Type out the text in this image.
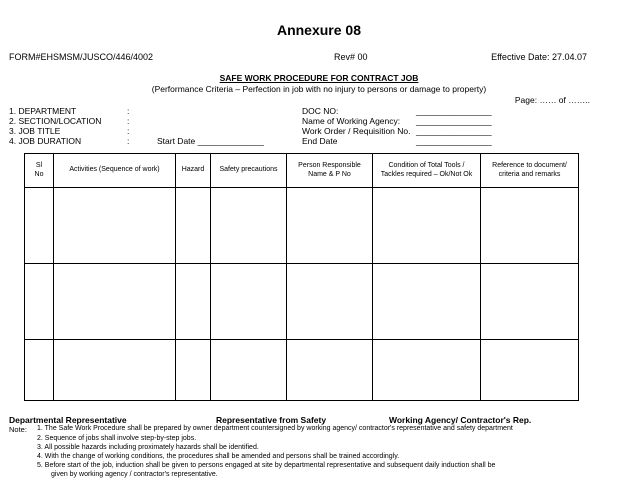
Annexure 08
FORM#EHSMSM/JUSCO/446/4002	Rev# 00	Effective Date: 27.04.07
SAFE WORK PROCEDURE FOR CONTRACT JOB
(Performance Criteria – Perfection in job with no injury to persons or damage to property)
Page: …… of ……..
1. DEPARTMENT	:
2. SECTION/LOCATION	:
3. JOB TITLE	:
4. JOB DURATION	:	Start Date ______________
DOC NO:	________________
Name of Working Agency: ________________
Work Order / Requisition No. ________________
End Date	________________
Sl No	Activities (Sequence of work)	Hazard	Safety precautions	Person Responsible Name & P No	Condition of Total Tools / Tackles required – Ok/Not Ok	Reference to document/ criteria and remarks

Departmental Representative	Representative from Safety	Working Agency/ Contractor's Rep.
Note: 1. The Safe Work Procedure shall be prepared by owner department countersigned by working agency/ contractor's representative and safety department
2. Sequence of jobs shall involve step-by-step jobs.
3. All possible hazards including proximately hazards shall be identified.
4. With the change of working conditions, the procedures shall be amended and persons shall be trained accordingly.
5. Before start of the job, induction shall be given to persons engaged at site by departmental representative and subsequent daily induction shall be
given by working agency / contractor's representative.
